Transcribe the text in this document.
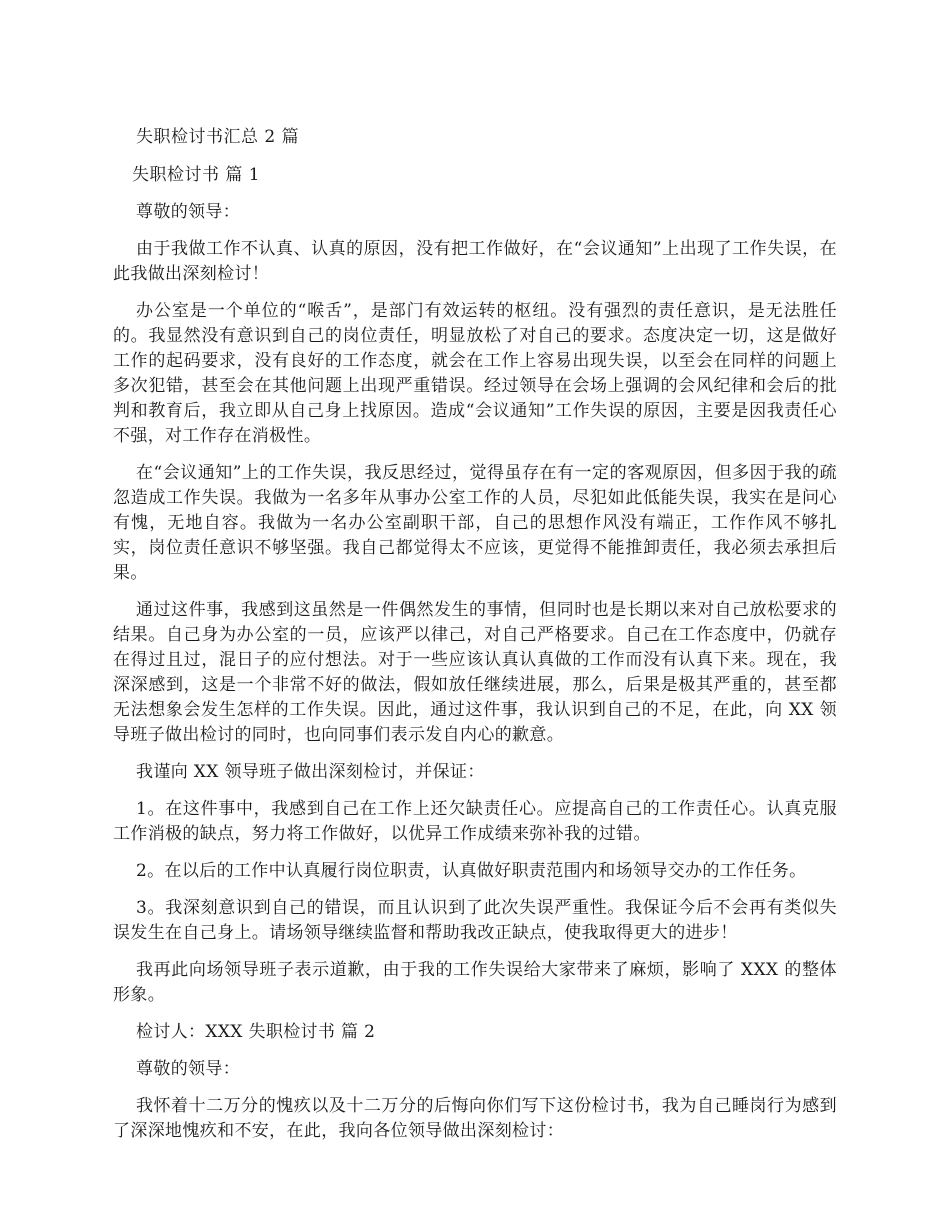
失职检讨书汇总 2 篇
失职检讨书 篇 1

尊敬的领导：

由于我做工作不认真、认真的原因，没有把工作做好，在“会议通知”上出现了工作失误，在此我做出深刻检讨！

办公室是一个单位的“喉舌”，是部门有效运转的枢纽。没有强烈的责任意识，是无法胜任的。我显然没有意识到自己的岗位责任，明显放松了对自己的要求。态度决定一切，这是做好工作的起码要求，没有良好的工作态度，就会在工作上容易出现失误，以至会在同样的问题上多次犯错，甚至会在其他问题上出现严重错误。经过领导在会场上强调的会风纪律和会后的批判和教育后，我立即从自己身上找原因。造成“会议通知”工作失误的原因，主要是因我责任心不强，对工作存在消极性。

在“会议通知”上的工作失误，我反思经过，觉得虽存在有一定的客观原因，但多因于我的疏忽造成工作失误。我做为一名多年从事办公室工作的人员，尽犯如此低能失误，我实在是问心有愧，无地自容。我做为一名办公室副职干部，自己的思想作风没有端正，工作作风不够扎实，岗位责任意识不够坚强。我自己都觉得太不应该，更觉得不能推卸责任，我必须去承担后果。

通过这件事，我感到这虽然是一件偶然发生的事情，但同时也是长期以来对自己放松要求的结果。自己身为办公室的一员，应该严以律己，对自己严格要求。自己在工作态度中，仍就存在得过且过，混日子的应付想法。对于一些应该认真认真做的工作而没有认真下来。现在，我深深感到，这是一个非常不好的做法，假如放任继续进展，那么，后果是极其严重的，甚至都无法想象会发生怎样的工作失误。因此，通过这件事，我认识到自己的不足，在此，向 XX 领导班子做出检讨的同时，也向同事们表示发自内心的歉意。

我谨向 XX 领导班子做出深刻检讨，并保证：

1。在这件事中，我感到自己在工作上还欠缺责任心。应提高自己的工作责任心。认真克服工作消极的缺点，努力将工作做好，以优异工作成绩来弥补我的过错。

2。在以后的工作中认真履行岗位职责，认真做好职责范围内和场领导交办的工作任务。

3。我深刻意识到自己的错误，而且认识到了此次失误严重性。我保证今后不会再有类似失误发生在自己身上。请场领导继续监督和帮助我改正缺点，使我取得更大的进步！

我再此向场领导班子表示道歉，由于我的工作失误给大家带来了麻烦，影响了 XXX 的整体形象。

检讨人：XXX 失职检讨书 篇 2

尊敬的领导：

我怀着十二万分的愧疚以及十二万分的后悔向你们写下这份检讨书，我为自己睡岗行为感到了深深地愧疚和不安，在此，我向各位领导做出深刻检讨：
